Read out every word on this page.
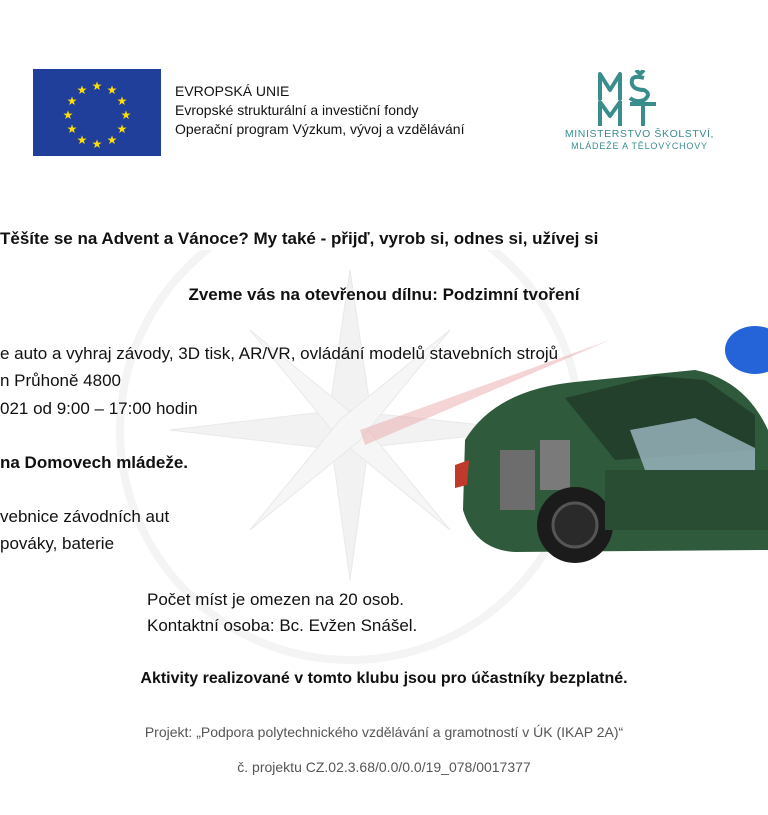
★ ★
★
★
★
★
★
★
★
★
★
★	EVROPSKÁ UNIE
Evropské strukturální a investiční fondy
Operační program Výzkum, vývoj a vzdělávání	MINISTERSTVO ŠKOLSTVÍ,
MLÁDEŽE A TĚLOVÝCHOVY
Těšíte se na Advent a Vánoce? My také - přijď, vyrob si, odnes si, užívej si
Zveme vás na otevřenou dílnu: Podzimní tvoření
e auto a vyhraj závody, 3D tisk, AR/VR, ovládání modelů stavebních strojů
n Průhoně 4800
021 od 9:00 – 17:00 hodin
na Domovech mládeže.
vebnice závodních aut
pováky, baterie
Počet míst je omezen na 20 osob.
Kontaktní osoba: Bc. Evžen Snášel.
Aktivity realizované v tomto klubu jsou pro účastníky bezplatné.
Projekt: „Podpora polytechnického vzdělávání a gramotností v ÚK (IKAP 2A)“
č. projektu CZ.02.3.68/0.0/0.0/19_078/0017377
